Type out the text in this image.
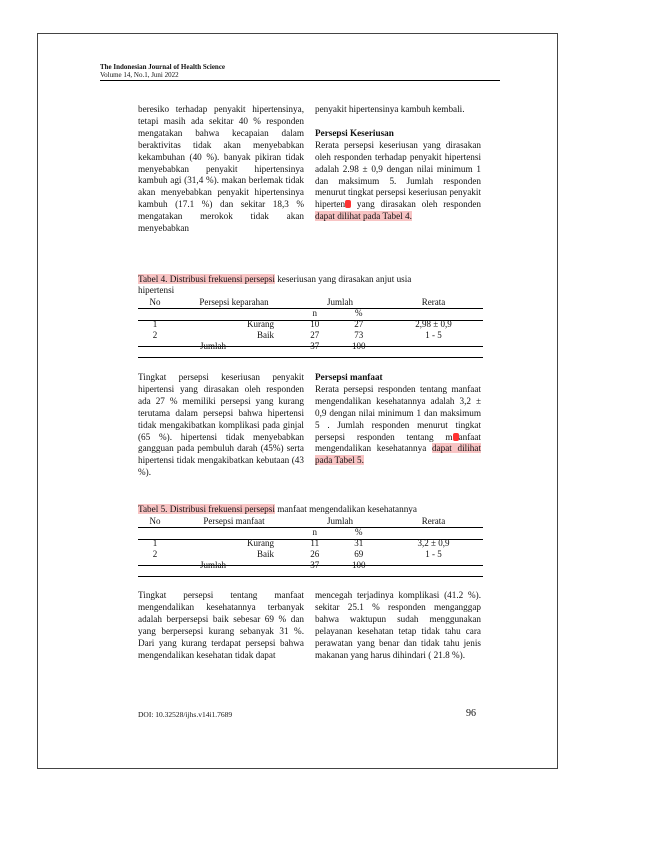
The Indonesian Journal of Health Science
Volume 14, No.1, Juni 2022

beresiko terhadap penyakit hipertensinya, tetapi masih ada sekitar 40 % responden mengatakan bahwa kecapaian dalam beraktivitas tidak akan menyebabkan kekambuhan (40 %). banyak pikiran tidak menyebabkan penyakit hipertensinya kambuh agi (31,4 %). makan berlemak tidak akan menyebabkan penyakit hipertensinya kambuh (17.1 %) dan sekitar 18,3 % mengatakan merokok tidak akan menyebabkan

penyakit hipertensinya kambuh kembali.

Persepsi Keseriusan

Rerata persepsi keseriusan yang dirasakan oleh responden terhadap penyakit hipertensi adalah 2.98 ± 0,9 dengan nilai minimum 1 dan maksimum 5. Jumlah responden menurut tingkat persepsi keseriusan penyakit hiperten yang dirasakan oleh responden dapat dilihat pada Tabel 4.

Tabel 4. Distribusi frekuensi persepsi keseriusan yang dirasakan anjut usia
hipertensi
No	Persepsi keparahan	Jumlah		Rerata
		n	%	
1	Kurang	10	27	2,98 ± 0,9
2	Baik	27	73	1 - 5
	Jumlah	37	100	

Tingkat persepsi keseriusan penyakit hipertensi yang dirasakan oleh responden ada 27 % memiliki persepsi yang kurang terutama dalam persepsi bahwa hipertensi tidak mengakibatkan komplikasi pada ginjal (65 %). hipertensi tidak menyebabkan gangguan pada pembuluh darah (45%) serta hipertensi tidak mengakibatkan kebutaan (43 %).

Persepsi manfaat

Rerata persepsi responden tentang manfaat mengendalikan kesehatannya adalah 3,2 ± 0,9 dengan nilai minimum 1 dan maksimum 5 . Jumlah responden menurut tingkat persepsi responden tentang m anfaat mengendalikan kesehatannya dapat dilihat pada Tabel 5.

Tabel 5. Distribusi frekuensi persepsi manfaat mengendalikan kesehatannya
No	Persepsi manfaat	Jumlah		Rerata
		n	%	
1	Kurang	11	31	3,2 ± 0,9
2	Baik	26	69	1 - 5
	Jumlah	37	100	

Tingkat persepsi tentang manfaat mengendalikan kesehatannya terbanyak adalah berpersepsi baik sebesar 69 % dan yang berpersepsi kurang sebanyak 31 %. Dari yang kurang terdapat persepsi bahwa mengendalikan kesehatan tidak dapat

mencegah terjadinya komplikasi (41.2 %). sekitar 25.1 % responden menganggap bahwa waktupun sudah menggunakan pelayanan kesehatan tetap tidak tahu cara perawatan yang benar dan tidak tahu jenis makanan yang harus dihindari ( 21.8 %).

DOI: 10.32528/ijhs.v14i1.7689	96
